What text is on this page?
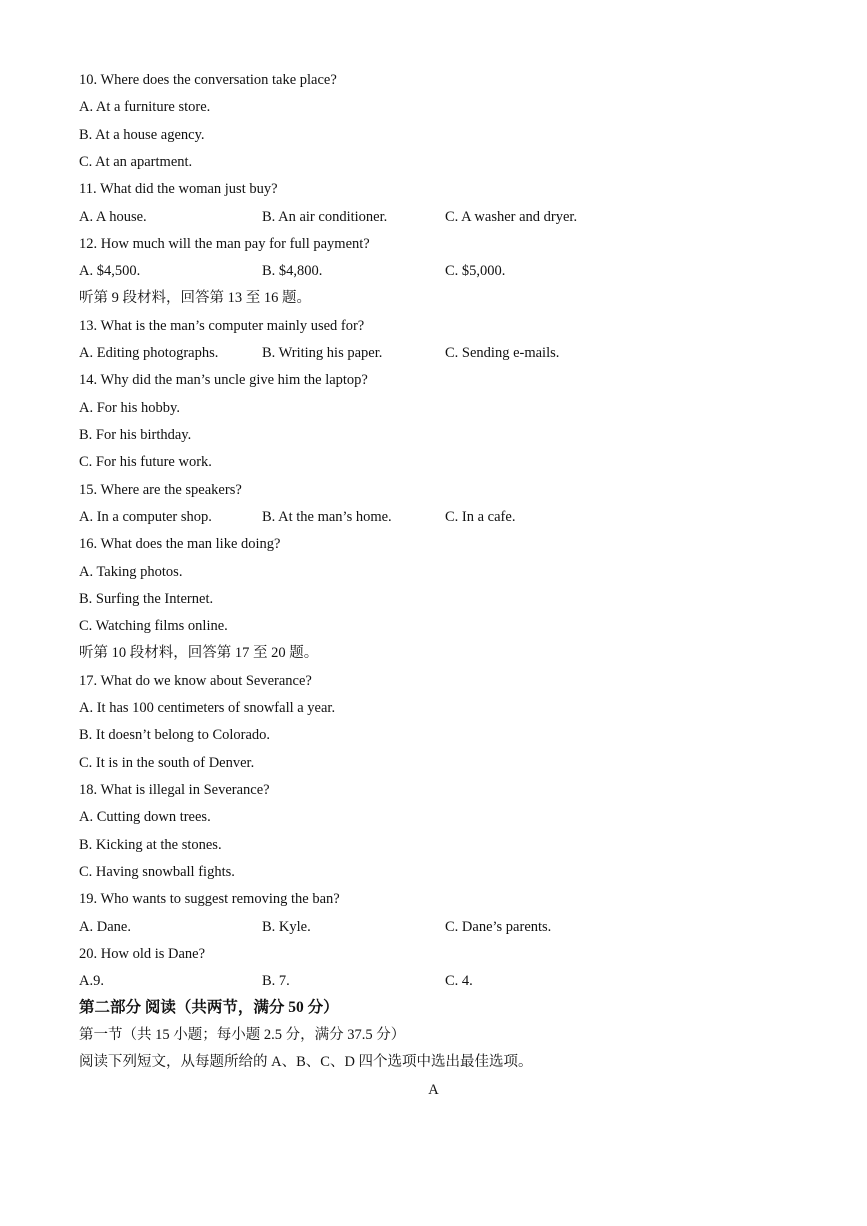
10. Where does the conversation take place?
A. At a furniture store.
B. At a house agency.
C. At an apartment.
11. What did the woman just buy?
A. A house.	B. An air conditioner.	C. A washer and dryer.
12. How much will the man pay for full payment?
A. $4,500.	B. $4,800.	C. $5,000.
听第 9 段材料，回答第 13 至 16 题。
13. What is the man’s computer mainly used for?
A. Editing photographs.	B. Writing his paper.	C. Sending e-mails.
14. Why did the man’s uncle give him the laptop?
A. For his hobby.
B. For his birthday.
C. For his future work.
15. Where are the speakers?
A. In a computer shop.	B. At the man’s home.	C. In a cafe.
16. What does the man like doing?
A. Taking photos.
B. Surfing the Internet.
C. Watching films online.
听第 10 段材料，回答第 17 至 20 题。
17. What do we know about Severance?
A. It has 100 centimeters of snowfall a year.
B. It doesn’t belong to Colorado.
C. It is in the south of Denver.
18. What is illegal in Severance?
A. Cutting down trees.
B. Kicking at the stones.
C. Having snowball fights.
19. Who wants to suggest removing the ban?
A. Dane.	B. Kyle.	C. Dane’s parents.
20. How old is Dane?
A.9.	B. 7.	C. 4.
第二部分 阅读（共两节，满分 50 分）
第一节（共 15 小题；每小题 2.5 分，满分 37.5 分）
阅读下列短文，从每题所给的 A、B、C、D 四个选项中选出最佳选项。
A
